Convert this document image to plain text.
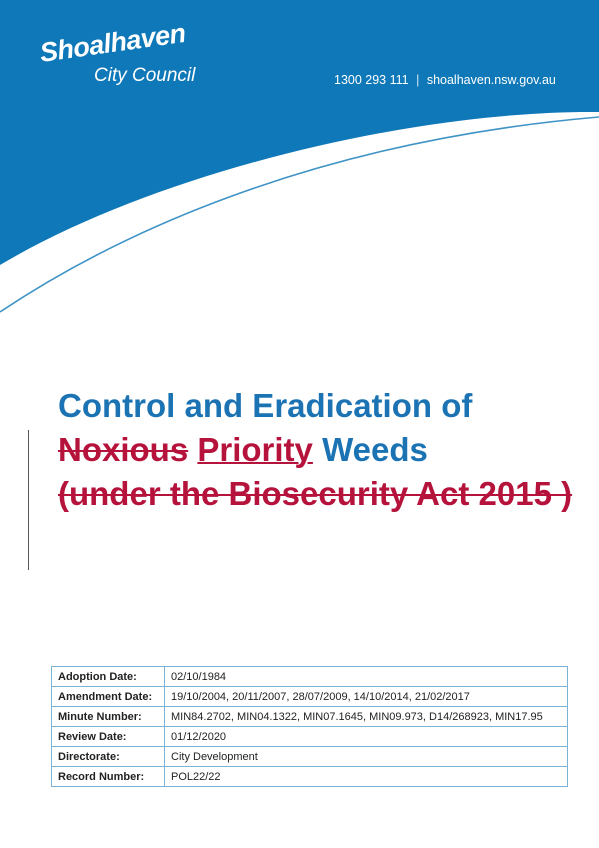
Shoalhaven
City Council	1300 293 111 | shoalhaven.nsw.gov.au
Control and Eradication of
Noxious Priority Weeds
(under the Biosecurity Act 2015 )
Adoption Date:	02/10/1984
Amendment Date:	19/10/2004, 20/11/2007, 28/07/2009, 14/10/2014, 21/02/2017
Minute Number:	MIN84.2702, MIN04.1322, MIN07.1645, MIN09.973, D14/268923, MIN17.95
Review Date:	01/12/2020
Directorate:	City Development
Record Number:	POL22/22
